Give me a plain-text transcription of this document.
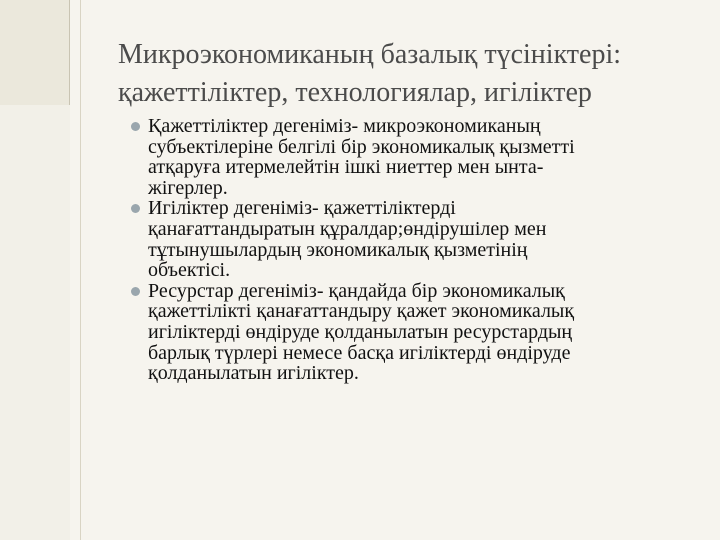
Микроэкономиканың базалық түсініктері:
қажеттіліктер, технологиялар, игіліктер
Қажеттіліктер дегеніміз- микроэкономиканың
субъектілеріне белгілі бір экономикалық қызметті
атқаруға итермелейтін ішкі ниеттер мен ынта-
жігерлер.
Игіліктер дегеніміз- қажеттіліктерді
қанағаттандыратын құралдар;өндірушілер мен
тұтынушылардың экономикалық қызметінің
объектісі.
Ресурстар дегеніміз- қандайда бір экономикалық
қажеттілікті қанағаттандыру қажет экономикалық
игіліктерді өндіруде қолданылатын ресурстардың
барлық түрлері немесе басқа игіліктерді өндіруде
қолданылатын игіліктер.
